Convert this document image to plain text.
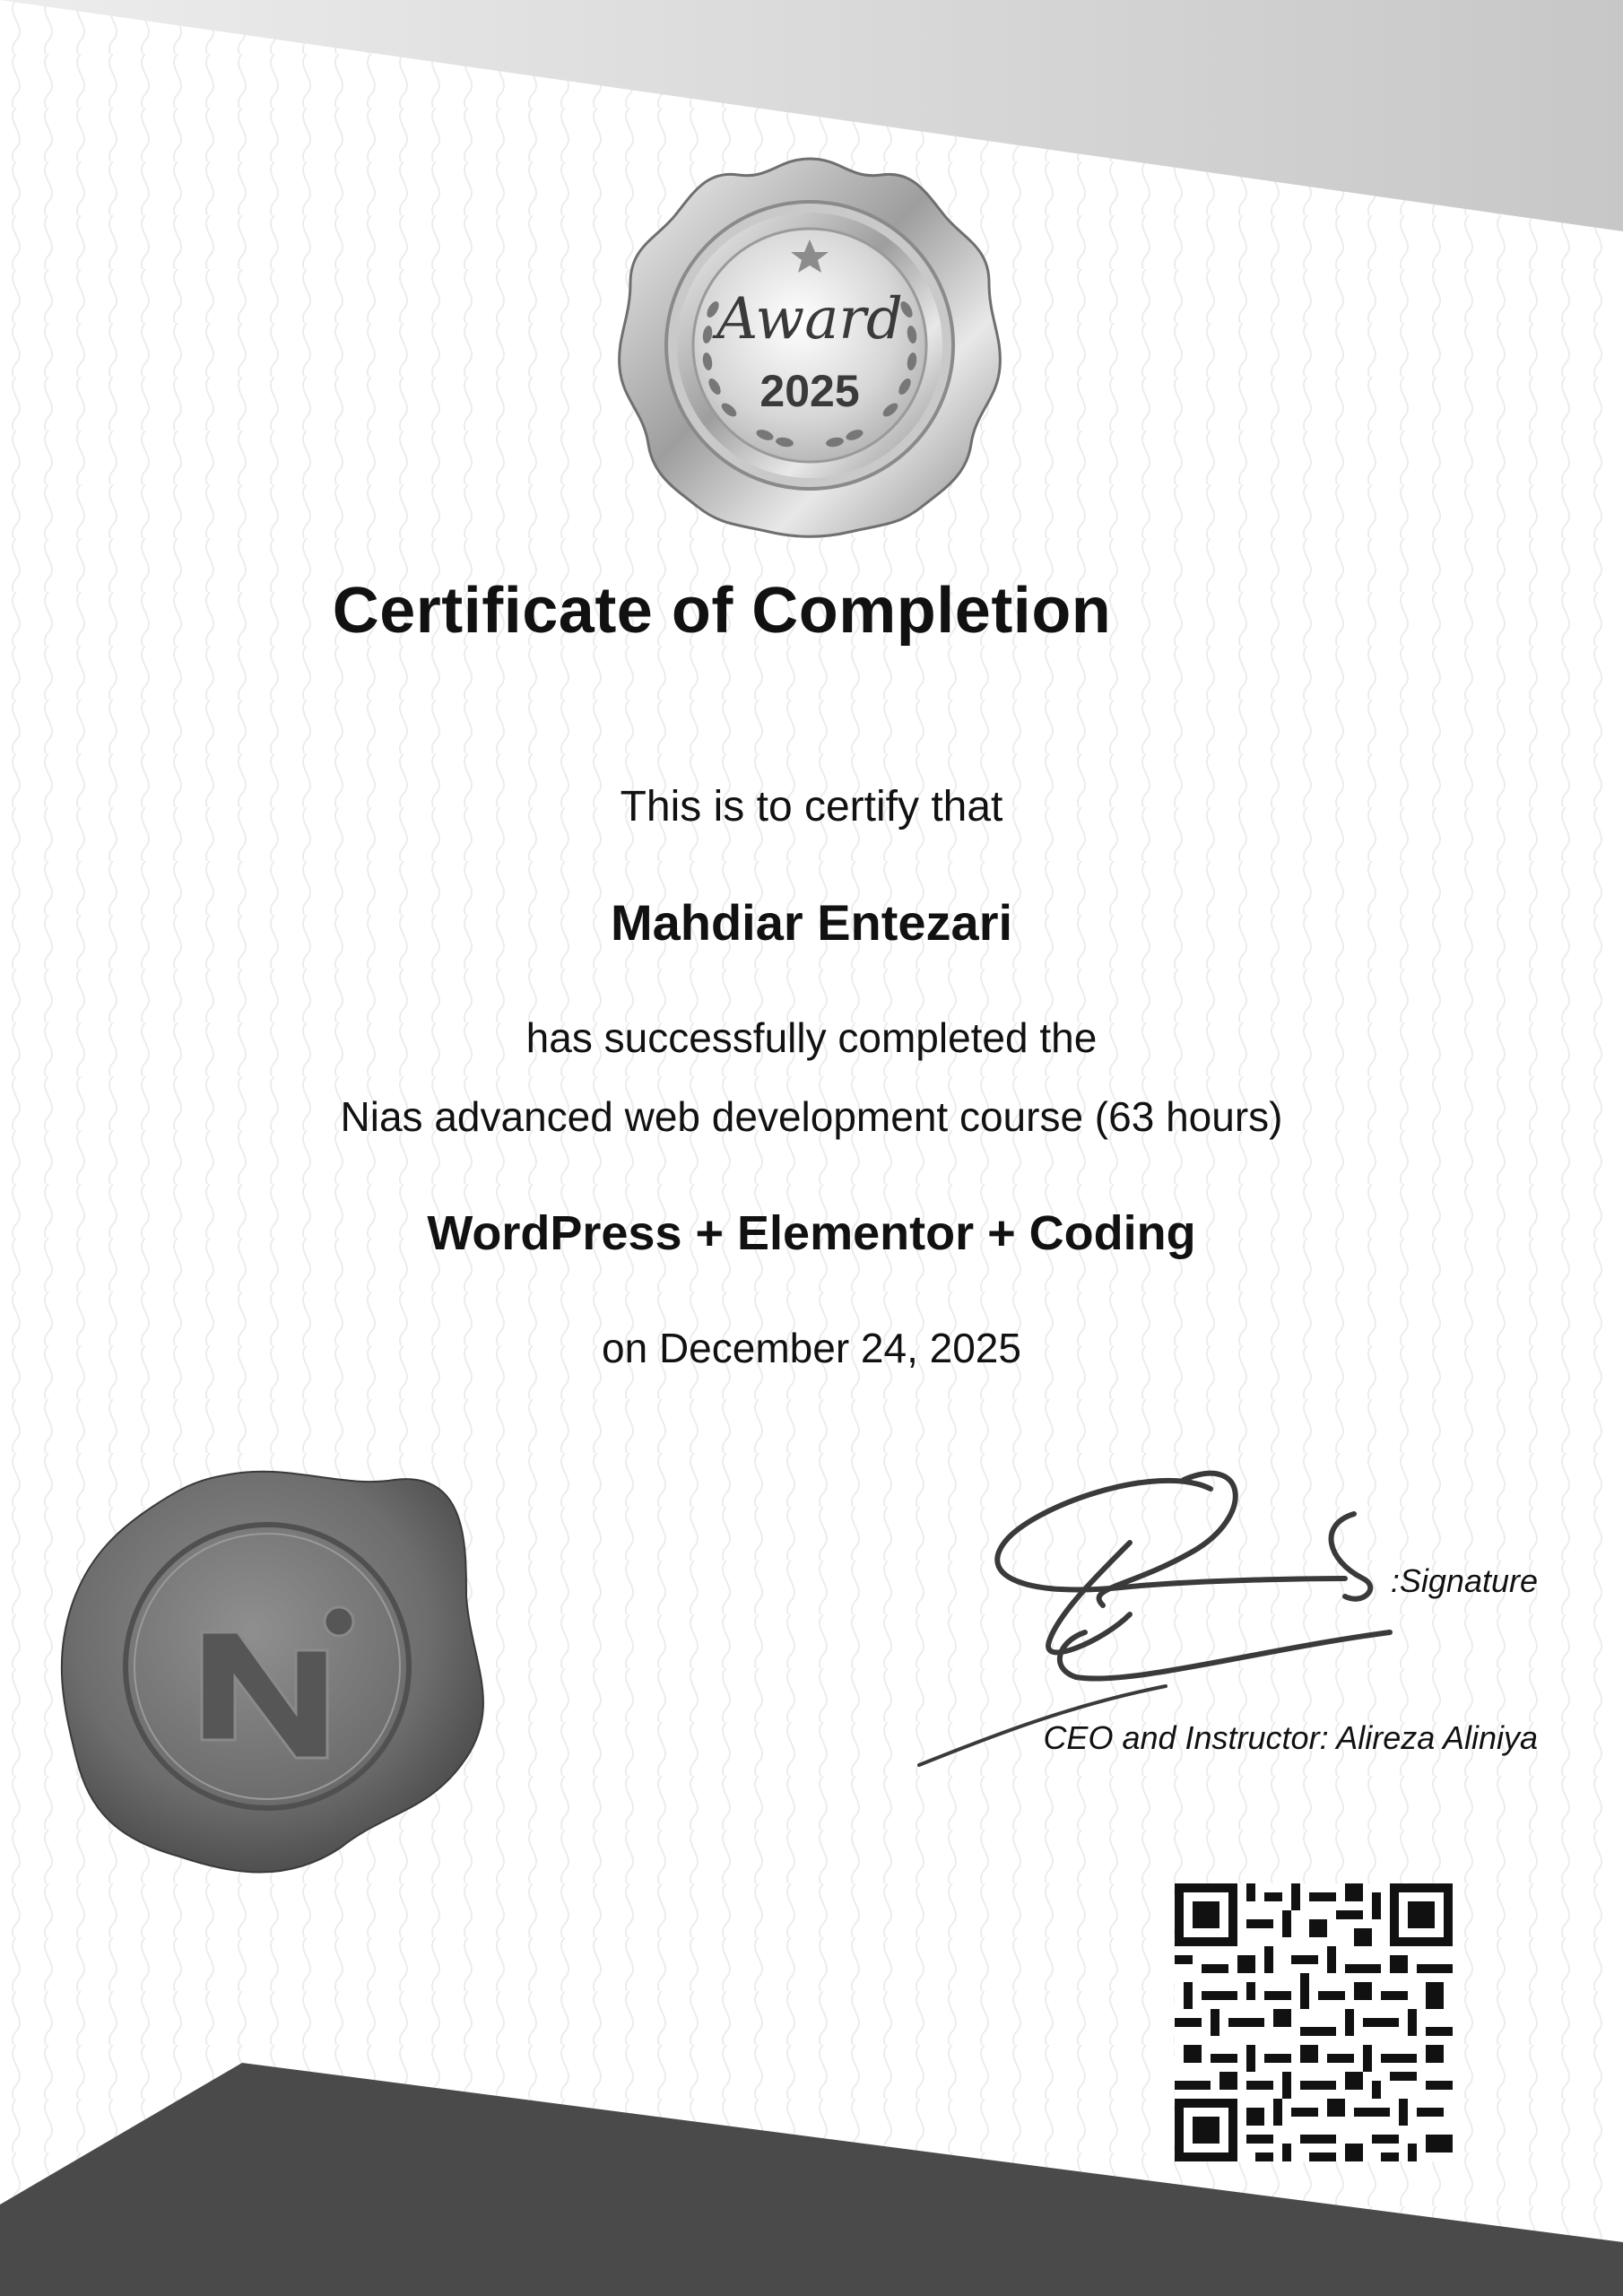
Award
2025
Certificate of Completion
This is to certify that
Mahdiar Entezari
has successfully completed the
Nias advanced web development course (63 hours)
WordPress + Elementor + Coding
on December 24, 2025
:Signature
CEO and Instructor: Alireza Aliniya
